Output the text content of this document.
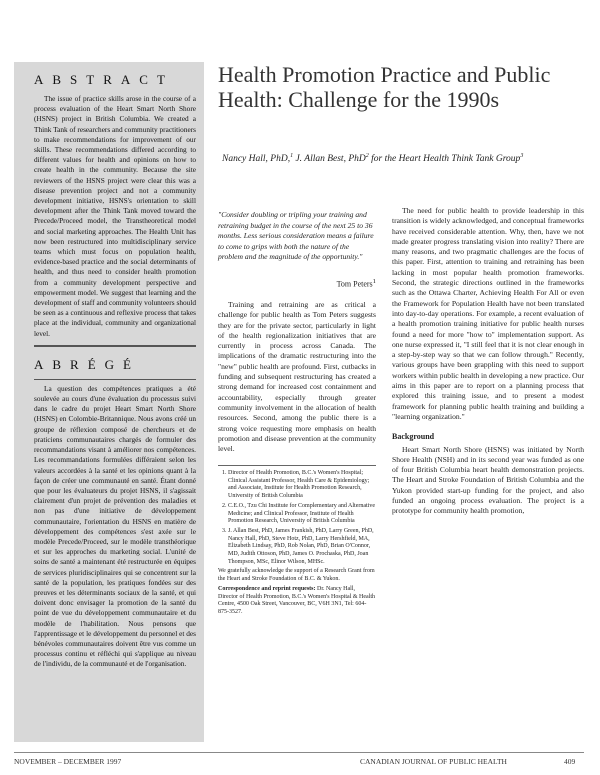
ABSTRACT
The issue of practice skills arose in the course of a process evaluation of the Heart Smart North Shore (HSNS) project in British Columbia. We created a Think Tank of researchers and community practitioners to make recommendations for improvement of our skills. These recommendations differed according to different values for health and opinions on how to create health in the community. Because the site reviewers of the HSNS project were clear this was a disease prevention project and not a community development initiative, HSNS's orientation to skill development after the Think Tank moved toward the Precede/Proceed model, the Transtheoretical model and social marketing approaches. The Health Unit has now been restructured into multidisciplinary service teams which must focus on population health, evidence-based practice and the social determinants of health, and thus need to consider health promotion from a community development perspective and empowerment model. We suggest that learning and the development of staff and community volunteers should be seen as a continuous and reflexive process that takes place at the individual, community and organizational level.
ABRÉGÉ
La question des compétences pratiques a été soulevée au cours d'une évaluation du processus suivi dans le cadre du projet Heart Smart North Shore (HSNS) en Colombie-Britannique. Nous avons créé un groupe de réflexion composé de chercheurs et de praticiens communautaires chargés de formuler des recommandations visant à améliorer nos compétences. Les recommandations formulées différaient selon les valeurs accordées à la santé et les opinions quant à la façon de créer une communauté en santé. Étant donné que pour les évaluateurs du projet HSNS, il s'agissait clairement d'un projet de prévention des maladies et non pas d'une initiative de développement communautaire, l'orientation du HSNS en matière de développement des compétences s'est axée sur le modèle Precede/Proceed, sur le modèle transthéorique et sur les approches du marketing social. L'unité de soins de santé a maintenant été restructurée en équipes de services pluridisciplinaires qui se concentrent sur la santé de la population, les pratiques fondées sur des preuves et les déterminants sociaux de la santé, et qui doivent donc envisager la promotion de la santé du point de vue du développement communautaire et du modèle de l'habilitation. Nous pensons que l'apprentissage et le développement du personnel et des bénévoles communautaires doivent être vus comme un processus continu et réfléchi qui s'applique au niveau de l'individu, de la communauté et de l'organisation.
Health Promotion Practice and Public Health: Challenge for the 1990s
Nancy Hall, PhD,$^1$ J. Allan Best, PhD$^2$ for the Heart Health Think Tank Group$^3$
"Consider doubling or tripling your training and retraining budget in the course of the next 25 to 36 months. Less serious consideration means a failure to come to grips with both the nature of the problem and the magnitude of the opportunity."
Tom Peters$^1$

Training and retraining are as critical a challenge for public health as Tom Peters suggests they are for the private sector, particularly in light of the health regionalization initiatives that are currently in process across Canada. The implications of the dramatic restructuring into the "new" public health are profound. First, cutbacks in funding and subsequent restructuring has created a strong demand for increased cost containment and accountability, especially through greater community involvement in the allocation of health resources. Second, among the public there is a strong voice requesting more emphasis on health promotion and disease prevention at the community level.

1. Director of Health Promotion, B.C.'s Women's Hospital; Clinical Assistant Professor, Health Care & Epidemiology; and Associate, Institute for Health Promotion Research, University of British Columbia
2. C.E.O., Tzu Chi Institute for Complementary and Alternative Medicine; and Clinical Professor, Institute of Health Promotion Research, University of British Columbia
3. J. Allan Best, PhD, James Frankish, PhD, Larry Green, PhD, Nancy Hall, PhD, Steve Hotz, PhD, Larry Hershfield, MA, Elizabeth Lindsay, PhD, Rob Nolan, PhD, Brian O'Connor, MD, Judith Ottoson, PhD, James O. Prochaska, PhD, Joan Thompson, MSc, Elinor Wilson, MHSc.
We gratefully acknowledge the support of a Research Grant from the Heart and Stroke Foundation of B.C. & Yukon.
Correspondence and reprint requests: Dr. Nancy Hall, Director of Health Promotion, B.C.'s Women's Hospital & Health Centre, 4500 Oak Street, Vancouver, BC, V6H 3N1, Tel: 604-875-3527.

The need for public health to provide leadership in this transition is widely acknowledged, and conceptual frameworks have received considerable attention. Why, then, have we not made greater progress translating vision into reality? There are many reasons, and two pragmatic challenges are the focus of this paper. First, attention to training and retraining has been lacking in most popular health promotion frameworks. Second, the strategic directions outlined in the frameworks such as the Ottawa Charter, Achieving Health For All or even the Framework for Population Health have not been translated into day-to-day operations. For example, a recent evaluation of a health promotion training initiative for public health nurses found a need for more "how to" implementation support. As one nurse expressed it, "I still feel that it is not clear enough in a step-by-step way so that we can follow through." Recently, various groups have been grappling with this need to support workers within public health in developing a new practice. Our aims in this paper are to report on a planning process that explored this training issue, and to present a modest framework for planning public health training and building a "learning organization."

Background

Heart Smart North Shore (HSNS) was initiated by North Shore Health (NSH) and in its second year was funded as one of four British Columbia heart health demonstration projects. The Heart and Stroke Foundation of British Columbia and the Yukon provided start-up funding for the project, and also funded an ongoing process evaluation. The project is a prototype for community health promotion,

NOVEMBER – DECEMBER 1997	CANADIAN JOURNAL OF PUBLIC HEALTH	409
